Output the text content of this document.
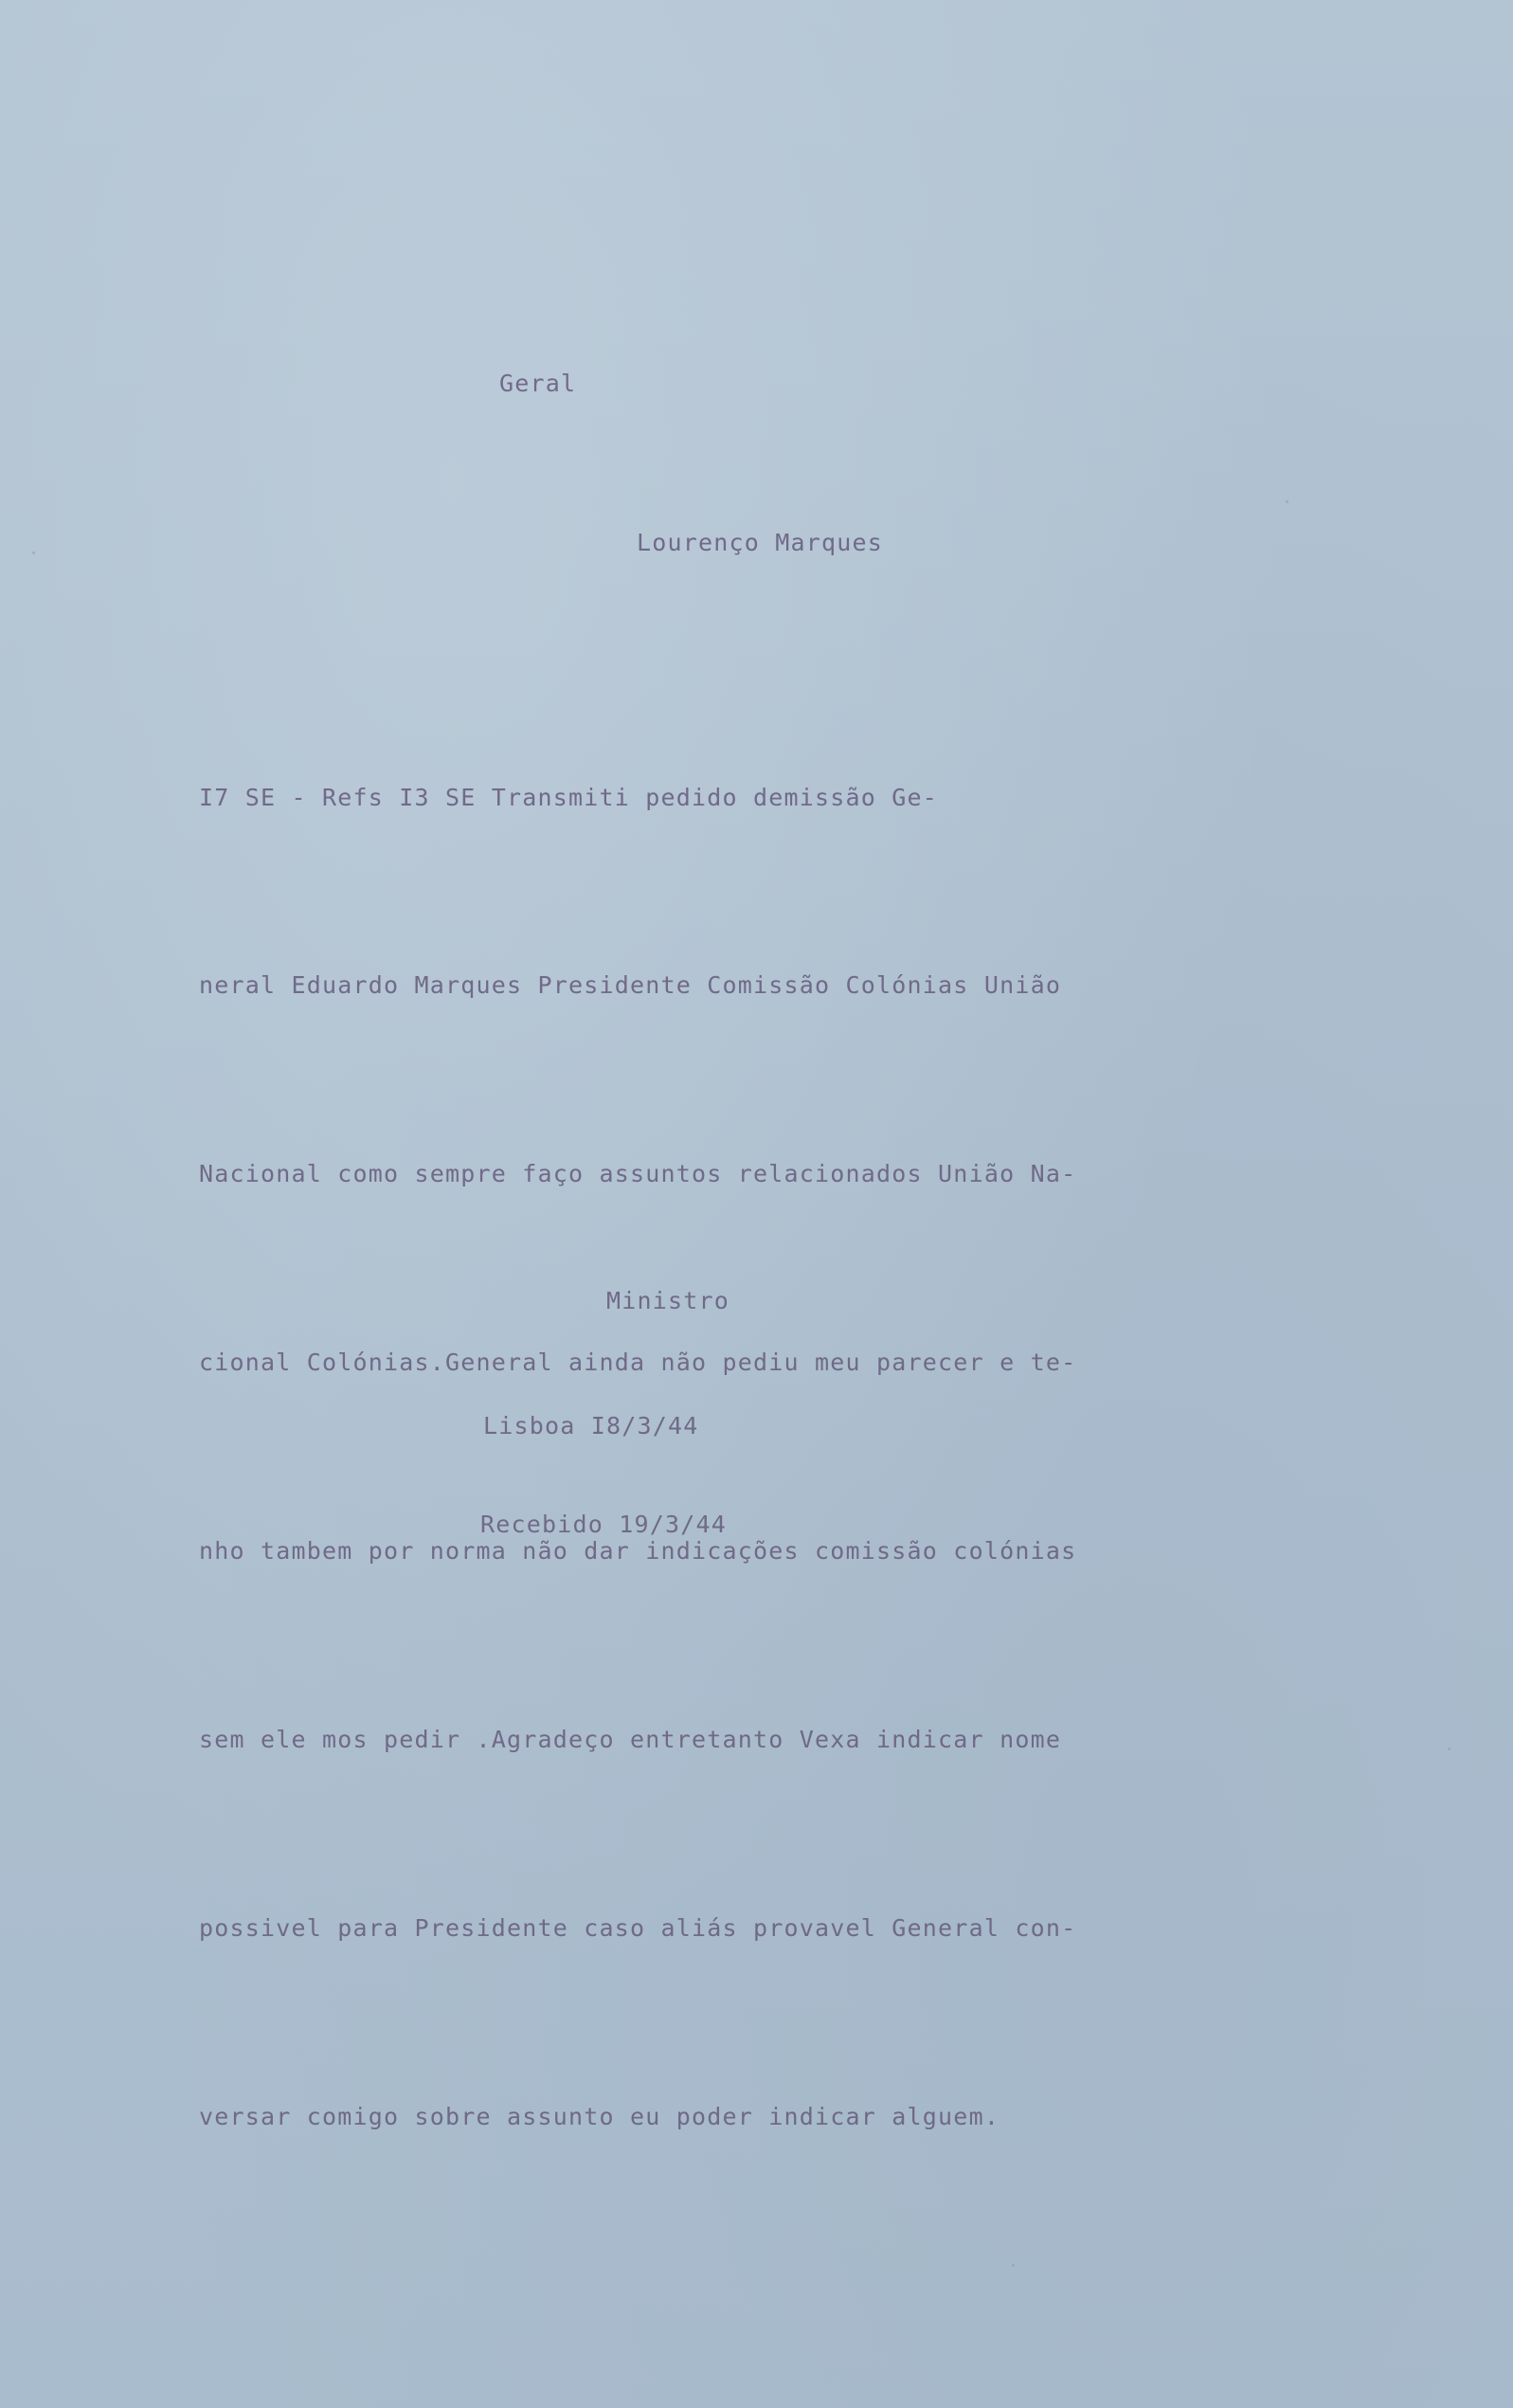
Geral
Lourenço Marques

I7 SE - Refs I3 SE Transmiti pedido demissão Ge-

neral Eduardo Marques Presidente Comissão Colónias União

Nacional como sempre faço assuntos relacionados União Na-

cional Colónias.General ainda não pediu meu parecer e te-

nho tambem por norma não dar indicações comissão colónias

sem ele mos pedir .Agradeço entretanto Vexa indicar nome

possivel para Presidente caso aliás provavel General con-

versar comigo sobre assunto eu poder indicar alguem.

Ministro
Lisboa I8/3/44
Recebido 19/3/44
